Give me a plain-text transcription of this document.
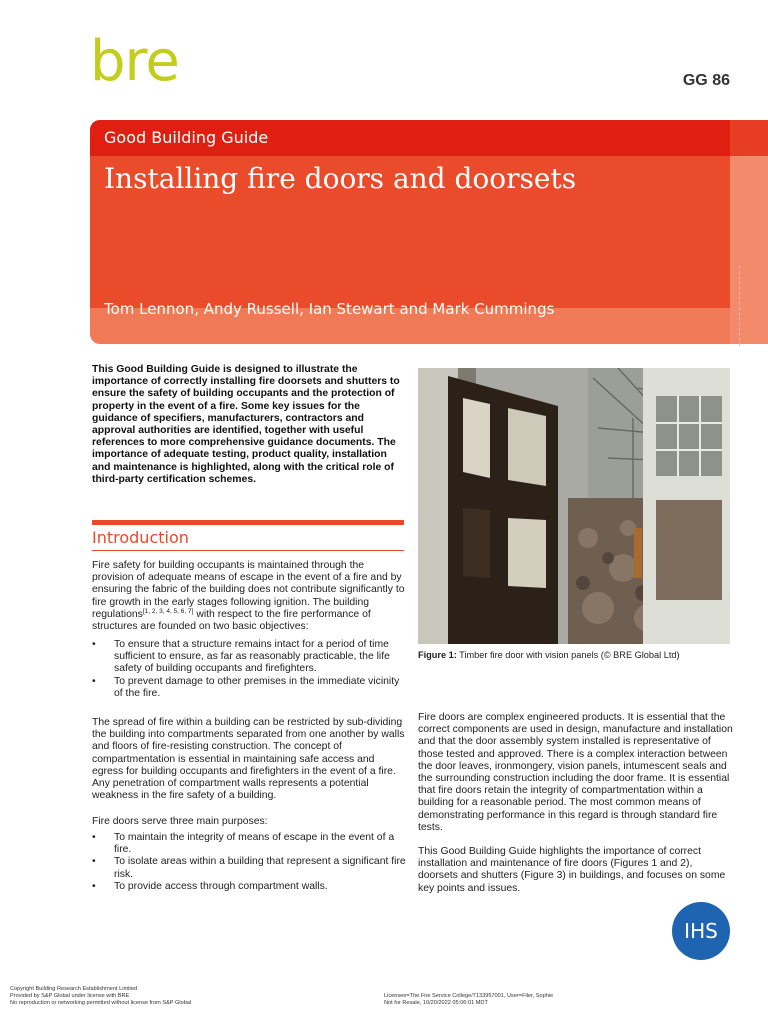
bre	GG 86
Good Building Guide
Installing fire doors and doorsets
Tom Lennon, Andy Russell, Ian Stewart and Mark Cummings
This Good Building Guide is designed to illustrate the importance of correctly installing fire doorsets and shutters to ensure the safety of building occupants and the protection of property in the event of a fire. Some key issues for the guidance of specifiers, manufacturers, contractors and approval authorities are identified, together with useful references to more comprehensive guidance documents. The importance of adequate testing, product quality, installation and maintenance is highlighted, along with the critical role of third-party certification schemes.
Introduction
Fire safety for building occupants is maintained through the provision of adequate means of escape in the event of a fire and by ensuring the fabric of the building does not contribute significantly to fire growth in the early stages following ignition. The building regulations[1, 2, 3, 4, 5, 6, 7] with respect to the fire performance of structures are founded on two basic objectives:
• To ensure that a structure remains intact for a period of time sufficient to ensure, as far as reasonably practicable, the life safety of building occupants and firefighters.
• To prevent damage to other premises in the immediate vicinity of the fire.
The spread of fire within a building can be restricted by sub-dividing the building into compartments separated from one another by walls and floors of fire-resisting construction. The concept of compartmentation is essential in maintaining safe access and egress for building occupants and firefighters in the event of a fire. Any penetration of compartment walls represents a potential weakness in the fire safety of a building.
Fire doors serve three main purposes:
• To maintain the integrity of means of escape in the event of a fire.
• To isolate areas within a building that represent a significant fire risk.
• To provide access through compartment walls.
Figure 1: Timber fire door with vision panels (© BRE Global Ltd)
Fire doors are complex engineered products. It is essential that the correct components are used in design, manufacture and installation and that the door assembly system installed is representative of those tested and approved. There is a complex interaction between the door leaves, ironmongery, vision panels, intumescent seals and the surrounding construction including the door frame. It is essential that fire doors retain the integrity of compartmentation within a building for a reasonable period. The most common means of demonstrating performance in this regard is through standard fire tests.
This Good Building Guide highlights the importance of correct installation and maintenance of fire doors (Figures 1 and 2), doorsets and shutters (Figure 3) in buildings, and focuses on some key points and issues.
IHS
Copyright Building Research Establishment Limited
Provided by S&P Global under license with BRE
No reproduction or networking permitted without license from S&P Global
Licensee=The Fire Service College/7133957001, User=Filer, Sophie
Not for Resale, 10/20/2022 05:06:01 MDT
